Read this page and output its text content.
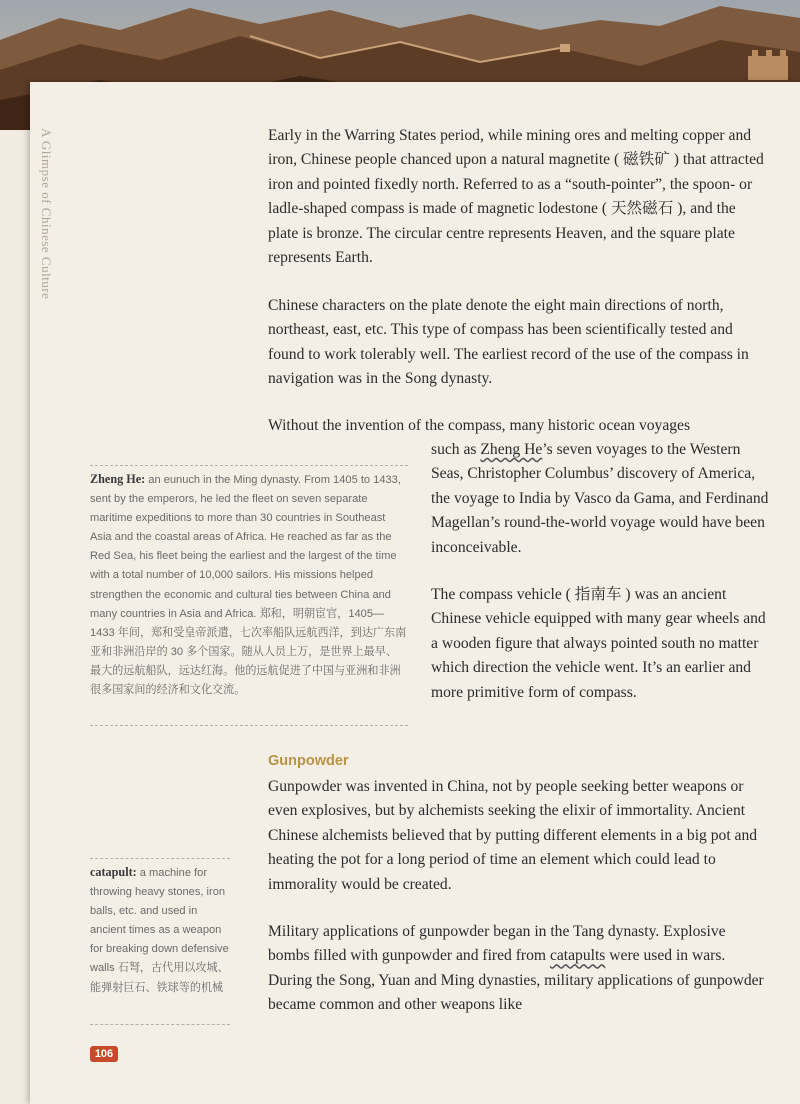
A Glimpse of Chinese Culture	Early in the Warring States period, while mining ores and melting copper and iron, Chinese people chanced upon a natural magnetite ( 磁铁矿 ) that attracted iron and pointed fixedly north. Referred to as a “south-pointer”, the spoon- or ladle-shaped compass is made of magnetic lodestone ( 天然磁石 ), and the plate is bronze. The circular centre represents Heaven, and the square plate represents Earth.

Chinese characters on the plate denote the eight main directions of north, northeast, east, etc. This type of compass has been scientifically tested and found to work tolerably well. The earliest record of the use of the compass in navigation was in the Song dynasty.

Without the invention of the compass, many historic ocean voyages

such as Zheng He’s seven voyages to the Western Seas, Christopher Columbus’ discovery of America, the voyage to India by Vasco da Gama, and Ferdinand Magellan’s round-the-world voyage would have been inconceivable.

The compass vehicle ( 指南车 ) was an ancient Chinese vehicle equipped with many gear wheels and a wooden figure that always pointed south no matter which direction the vehicle went. It’s an earlier and more primitive form of compass.

Gunpowder

Gunpowder was invented in China, not by people seeking better weapons or even explosives, but by alchemists seeking the elixir of immortality. Ancient Chinese alchemists believed that by putting different elements in a big pot and heating the pot for a long period of time an element which could lead to immorality would be created.

Military applications of gunpowder began in the Tang dynasty. Explosive bombs filled with gunpowder and fired from catapults were used in wars. During the Song, Yuan and Ming dynasties, military applications of gunpowder became common and other weapons like

Zheng He: an eunuch in the Ming dynasty. From 1405 to 1433, sent by the emperors, he led the fleet on seven separate maritime expeditions to more than 30 countries in Southeast Asia and the coastal areas of Africa. He reached as far as the Red Sea, his fleet being the earliest and the largest of the time with a total number of 10,000 sailors. His missions helped strengthen the economic and cultural ties between China and many countries in Asia and Africa. 郑和，明朝宦官，1405—1433 年间，郑和受皇帝派遣，七次率船队远航西洋，到达广东南亚和非洲沿岸的 30 多个国家。随从人员上万，是世界上最早、最大的远航船队，远达红海。他的远航促进了中国与亚洲和非洲很多国家间的经济和文化交流。
catapult: a machine for throwing heavy stones, iron balls, etc. and used in ancient times as a weapon for breaking down defensive walls 石弩，古代用以攻城、能弹射巨石、铁球等的机械
106
